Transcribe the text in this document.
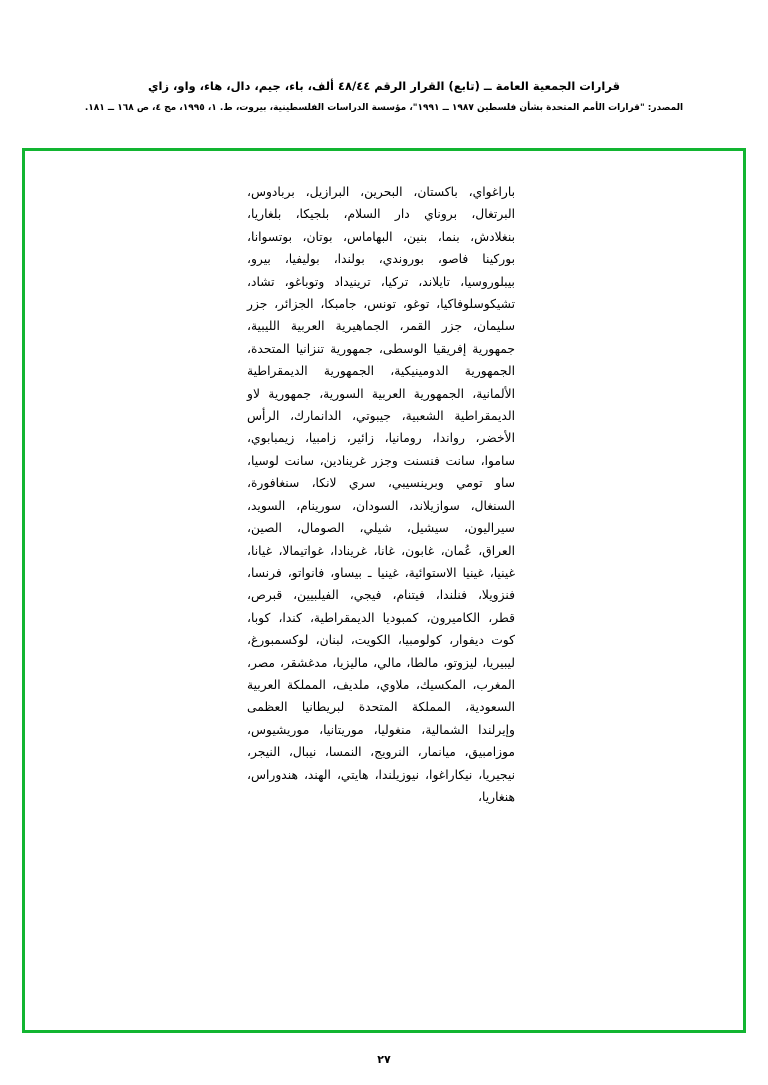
قرارات الجمعية العامة ــ (تابع) القرار الرقم ٤٨/٤٤ ألف، باء، جيم، دال، هاء، واو، زاي
المصدر: "قرارات الأمم المتحدة بشأن فلسطين ١٩٨٧ ــ ١٩٩١"، مؤسسة الدراسات الفلسطينية، بيروت، ط. ١، ١٩٩٥، مج ٤، ص ١٦٨ ــ ١٨١.

باراغواي، باكستان، البحرين، البرازيل، بربادوس، البرتغال، بروناي دار السلام، بلجيكا، بلغاريا، بنغلادش، بنما، بنين، البهاماس، بوتان، بوتسوانا، بوركينا فاصو، بوروندي، بولندا، بوليفيا، بيرو، بيبلوروسيا، تايلاند، تركيا، ترينيداد وتوباغو، تشاد، تشيكوسلوفاكيا، توغو، تونس، جامبكا، الجزائر، جزر سليمان، جزر القمر، الجماهيرية العربية الليبية، جمهورية إفريقيا الوسطى، جمهورية تنزانيا المتحدة، الجمهورية الدومينيكية، الجمهورية الديمقراطية الألمانية، الجمهورية العربية السورية، جمهورية لاو الديمقراطية الشعبية، جيبوتي، الدانمارك، الرأس الأخضر، رواندا، رومانيا، زائير، زامبيا، زيمبابوي، ساموا، سانت فنسنت وجزر غرينادين، سانت لوسيا، ساو تومي وبرينسيبي، سري لانكا، سنغافورة، السنغال، سوازيلاند، السودان، سورينام، السويد، سيراليون، سيشيل، شيلي، الصومال، الصين، العراق، عُمان، غابون، غانا، غرينادا، غواتيمالا، غيانا، غينيا، غينيا الاستوائية، غينيا ـ بيساو، فانواتو، فرنسا، فنزويلا، فنلندا، فيتنام، فيجي، الفيلبيين، قبرص، قطر، الكاميرون، كمبوديا الديمقراطية، كندا، كوبا، كوت ديفوار، كولومبيا، الكويت، لبنان، لوكسمبورغ، ليبيريا، ليزوتو، مالطا، مالي، ماليزيا، مدغشقر، مصر، المغرب، المكسيك، ملاوي، ملديف، المملكة العربية السعودية، المملكة المتحدة لبريطانيا العظمى وإيرلندا الشمالية، منغوليا، موريتانيا، موريشيوس، موزامبيق، ميانمار، النرويج، النمسا، نيبال، النيجر، نيجيريا، نيكاراغوا، نيوزيلندا، هايتي، الهند، هندوراس، هنغاريا،

٢٧
